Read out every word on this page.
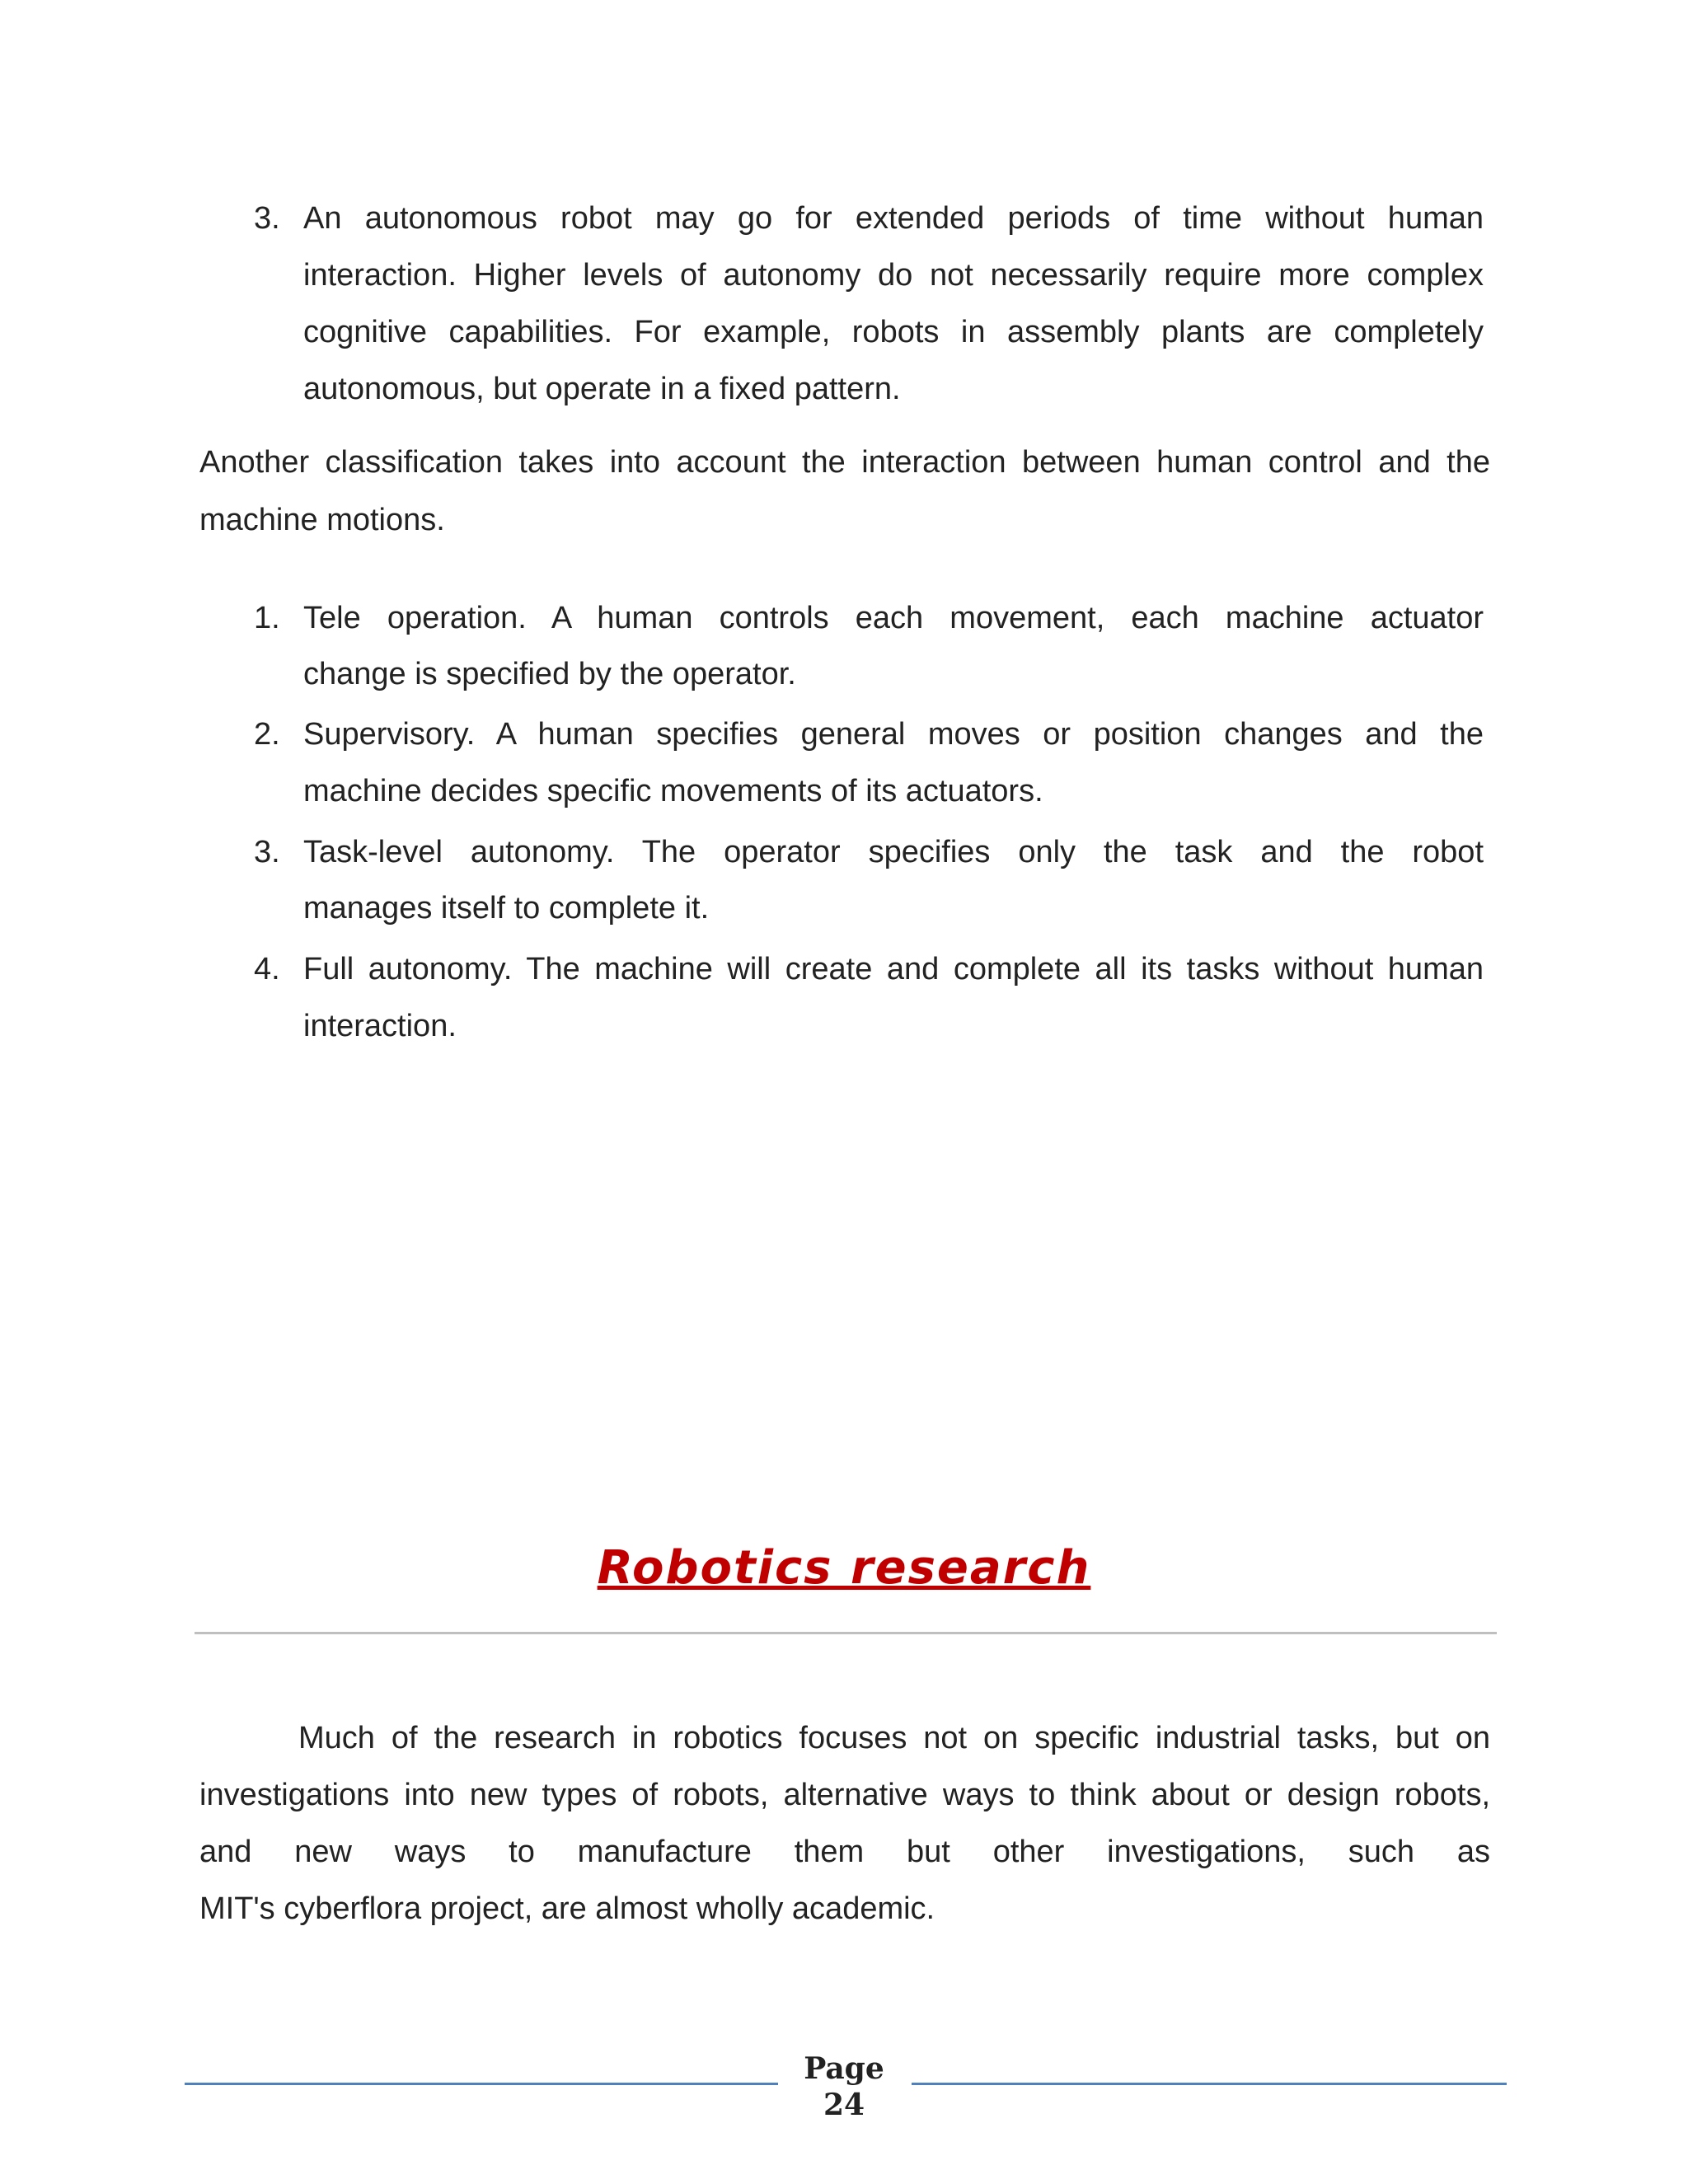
3. An autonomous robot may go for extended periods of time without human
interaction. Higher levels of autonomy do not necessarily require more complex
cognitive capabilities. For example, robots in assembly plants are completely
autonomous, but operate in a fixed pattern.
Another classification takes into account the interaction between human control and the
machine motions.
1. Tele operation. A human controls each movement, each machine actuator
change is specified by the operator.
2. Supervisory. A human specifies general moves or position changes and the
machine decides specific movements of its actuators.
3. Task-level autonomy. The operator specifies only the task and the robot
manages itself to complete it.
4. Full autonomy. The machine will create and complete all its tasks without human
interaction.
Robotics research
Much of the research in robotics focuses not on specific industrial tasks, but on
investigations into new types of robots, alternative ways to think about or design robots,
and new ways to manufacture them but other investigations, such as
MIT's cyberflora project, are almost wholly academic.
Page
24
